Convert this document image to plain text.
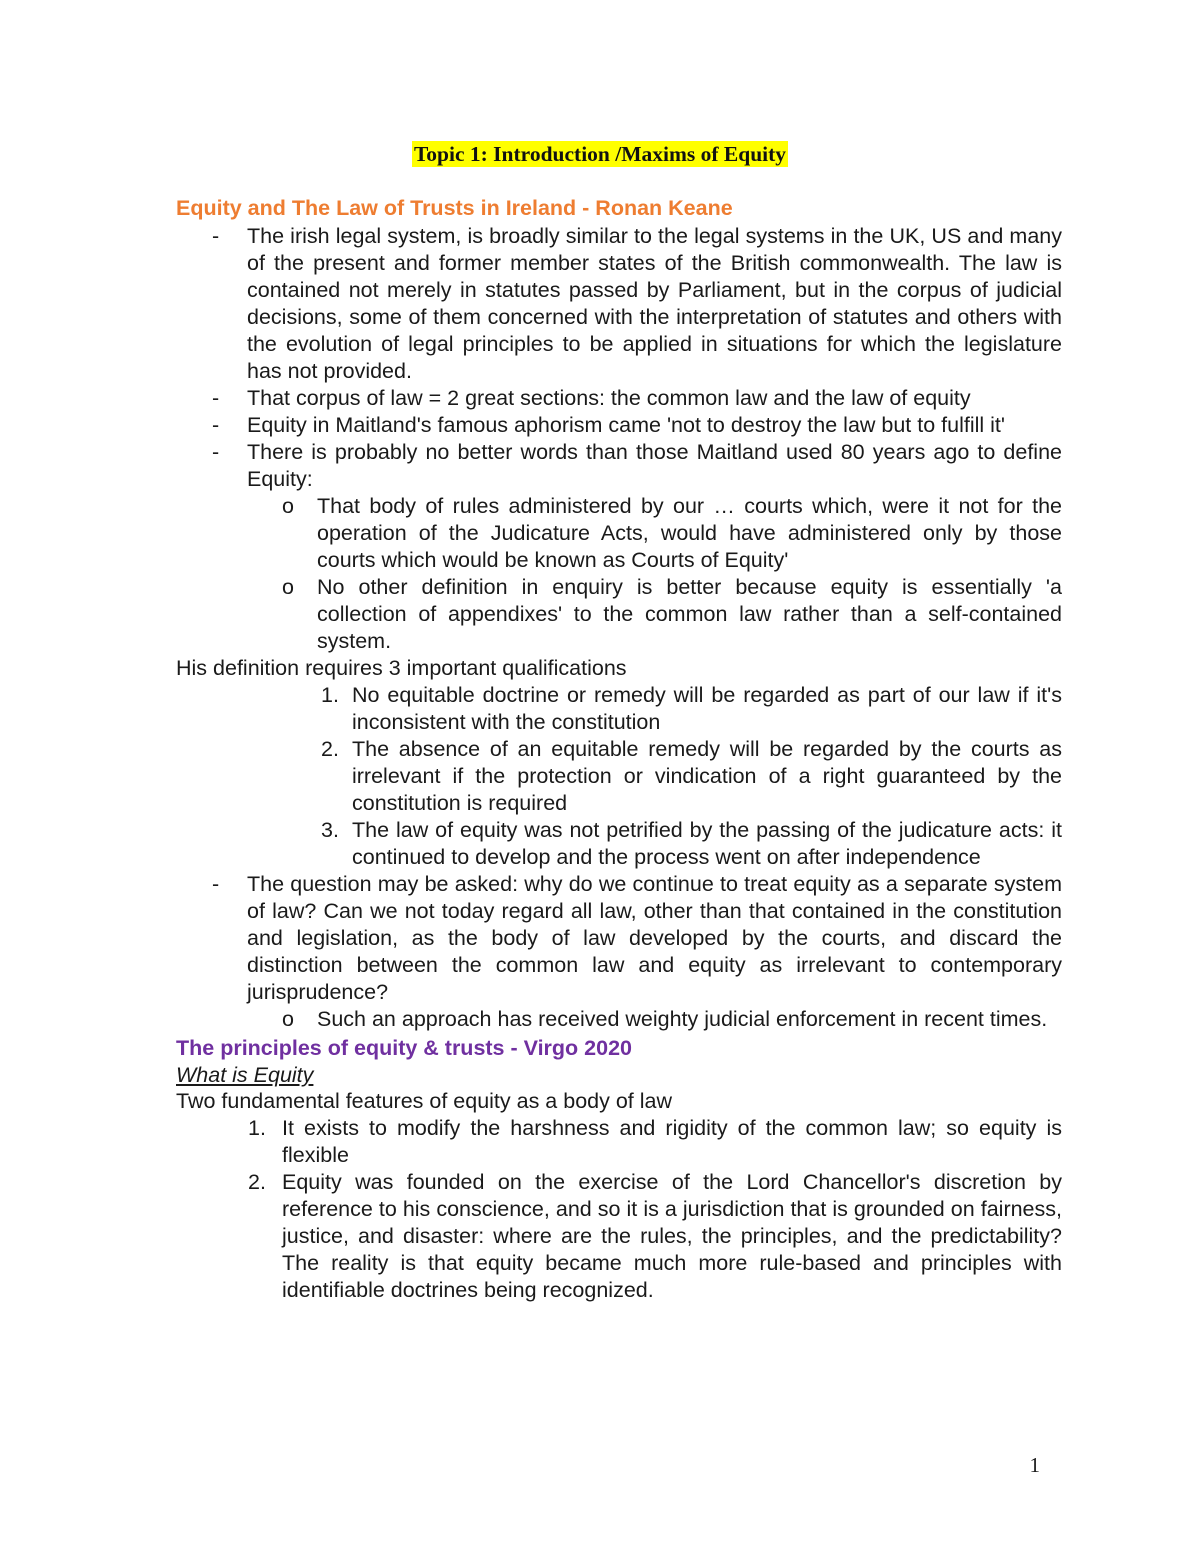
Topic 1: Introduction /Maxims of Equity

Equity and The Law of Trusts in Ireland - Ronan Keane

- The irish legal system, is broadly similar to the legal systems in the UK, US and many of the present and former member states of the British commonwealth. The law is contained not merely in statutes passed by Parliament, but in the corpus of judicial decisions, some of them concerned with the interpretation of statutes and others with the evolution of legal principles to be applied in situations for which the legislature has not provided.
- That corpus of law = 2 great sections: the common law and the law of equity
- Equity in Maitland's famous aphorism came 'not to destroy the law but to fulfill it'
- There is probably no better words than those Maitland used 80 years ago to define Equity:
o That body of rules administered by our … courts which, were it not for the operation of the Judicature Acts, would have administered only by those courts which would be known as Courts of Equity'
o No other definition in enquiry is better because equity is essentially 'a collection of appendixes' to the common law rather than a self-contained system.

His definition requires 3 important qualifications

1. No equitable doctrine or remedy will be regarded as part of our law if it's inconsistent with the constitution
2. The absence of an equitable remedy will be regarded by the courts as irrelevant if the protection or vindication of a right guaranteed by the constitution is required
3. The law of equity was not petrified by the passing of the judicature acts: it continued to develop and the process went on after independence
- The question may be asked: why do we continue to treat equity as a separate system of law? Can we not today regard all law, other than that contained in the constitution and legislation, as the body of law developed by the courts, and discard the distinction between the common law and equity as irrelevant to contemporary jurisprudence?
o Such an approach has received weighty judicial enforcement in recent times.

The principles of equity & trusts - Virgo 2020

What is Equity

Two fundamental features of equity as a body of law

1. It exists to modify the harshness and rigidity of the common law; so equity is flexible
2. Equity was founded on the exercise of the Lord Chancellor's discretion by reference to his conscience, and so it is a jurisdiction that is grounded on fairness, justice, and disaster: where are the rules, the principles, and the predictability? The reality is that equity became much more rule-based and principles with identifiable doctrines being recognized.
1
